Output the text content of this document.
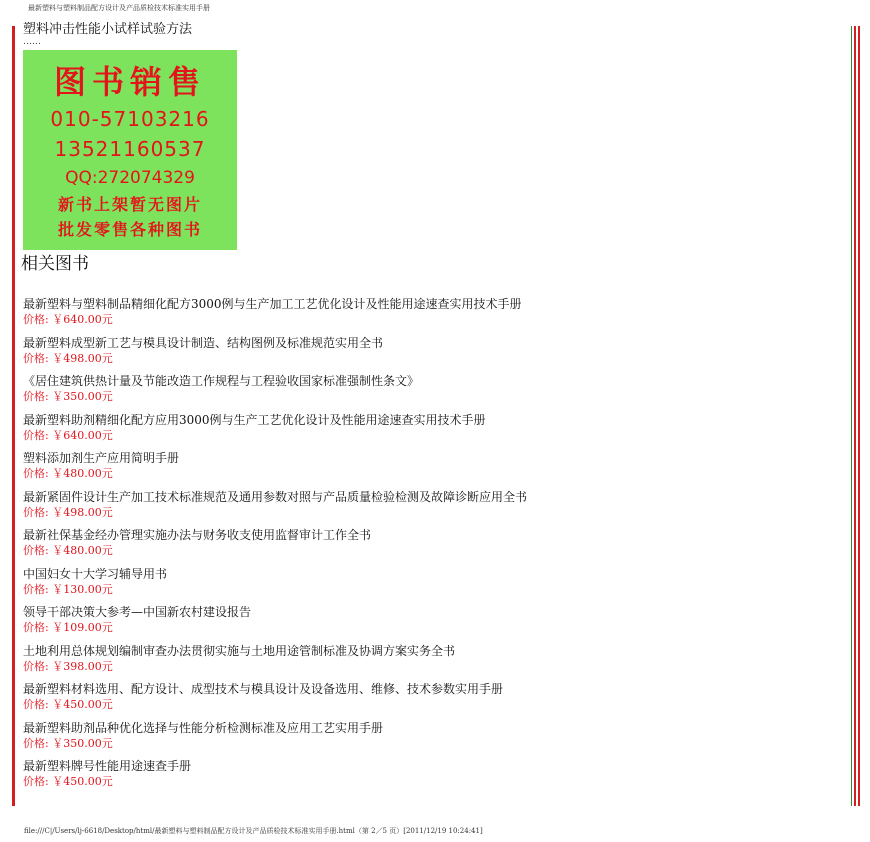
最新塑料与塑料制品配方设计及产品质检技术标准实用手册
塑料冲击性能小试样试验方法
……
图书销售
010-57103216
13521160537
QQ:272074329
新书上架暂无图片
批发零售各种图书
相关图书
最新塑料与塑料制品精细化配方3000例与生产加工工艺优化设计及性能用途速查实用技术手册
价格: ￥640.00元
最新塑料成型新工艺与模具设计制造、结构图例及标准规范实用全书
价格: ￥498.00元
《居住建筑供热计量及节能改造工作规程与工程验收国家标准强制性条文》
价格: ￥350.00元
最新塑料助剂精细化配方应用3000例与生产工艺优化设计及性能用途速查实用技术手册
价格: ￥640.00元
塑料添加剂生产应用简明手册
价格: ￥480.00元
最新紧固件设计生产加工技术标准规范及通用参数对照与产品质量检验检测及故障诊断应用全书
价格: ￥498.00元
最新社保基金经办管理实施办法与财务收支使用监督审计工作全书
价格: ￥480.00元
中国妇女十大学习辅导用书
价格: ￥130.00元
领导干部决策大参考—中国新农村建设报告
价格: ￥109.00元
土地利用总体规划编制审查办法贯彻实施与土地用途管制标准及协调方案实务全书
价格: ￥398.00元
最新塑料材料选用、配方设计、成型技术与模具设计及设备选用、维修、技术参数实用手册
价格: ￥450.00元
最新塑料助剂品种优化选择与性能分析检测标准及应用工艺实用手册
价格: ￥350.00元
最新塑料牌号性能用途速查手册
价格: ￥450.00元
file:///C|/Users/lj-6618/Desktop/html/最新塑料与塑料制品配方设计及产品质检技术标准实用手册.html（第 2／5 页）[2011/12/19 10:24:41]
